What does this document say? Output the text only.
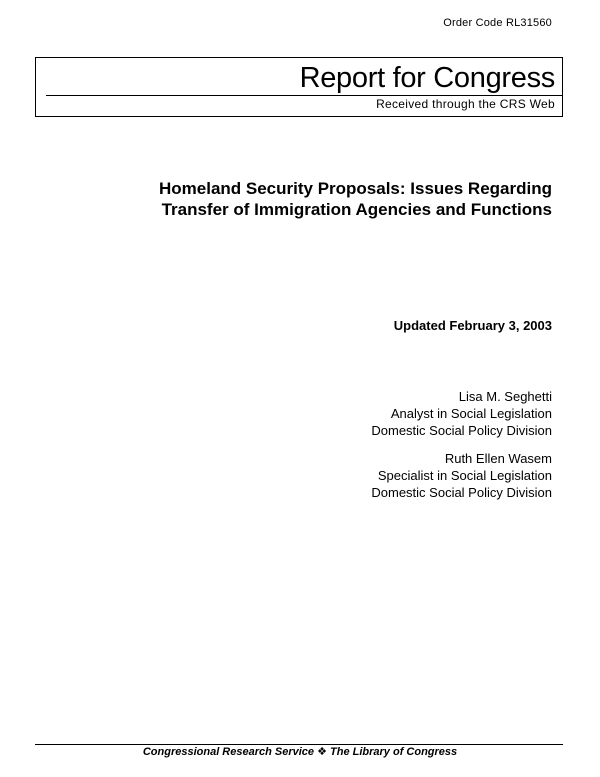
Order Code RL31560
Report for Congress
Received through the CRS Web
Homeland Security Proposals: Issues Regarding
Transfer of Immigration Agencies and Functions
Updated February 3, 2003
Lisa M. Seghetti
Analyst in Social Legislation
Domestic Social Policy Division
Ruth Ellen Wasem
Specialist in Social Legislation
Domestic Social Policy Division
Congressional Research Service ❖ The Library of Congress
